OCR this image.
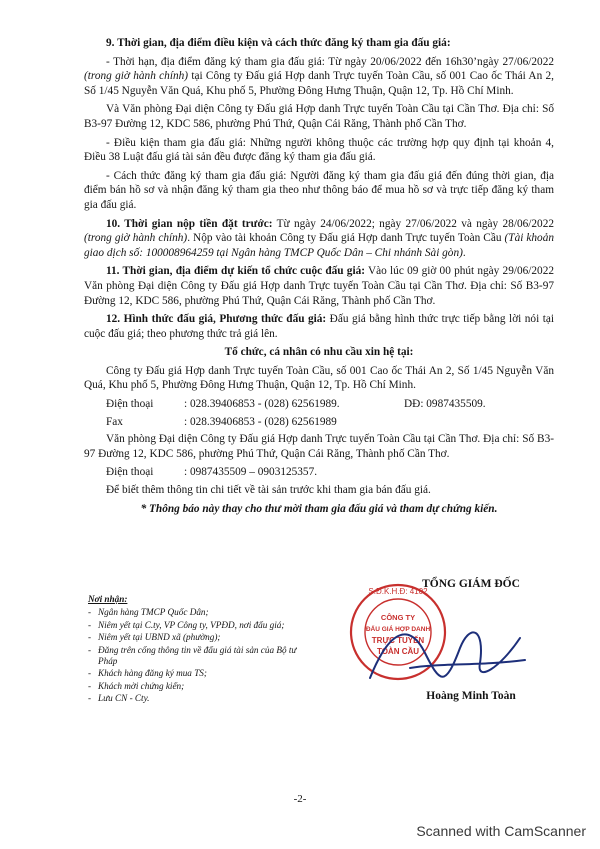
9. Thời gian, địa điểm điều kiện và cách thức đăng ký tham gia đấu giá:

- Thời hạn, địa điểm đăng ký tham gia đấu giá: Từ ngày 20/06/2022 đến 16h30’ngày 27/06/2022 (trong giờ hành chính) tại Công ty Đấu giá Hợp danh Trực tuyến Toàn Cầu, số 001 Cao ốc Thái An 2, Số 1/45 Nguyễn Văn Quá, Khu phố 5, Phường Đông Hưng Thuận, Quận 12, Tp. Hồ Chí Minh.

Và Văn phòng Đại diện Công ty Đấu giá Hợp danh Trực tuyến Toàn Cầu tại Cần Thơ. Địa chỉ: Số B3-97 Đường 12, KDC 586, phường Phú Thứ, Quận Cái Răng, Thành phố Cần Thơ.

- Điều kiện tham gia đấu giá: Những người không thuộc các trường hợp quy định tại khoản 4, Điều 38 Luật đấu giá tài sản đều được đăng ký tham gia đấu giá.

- Cách thức đăng ký tham gia đấu giá: Người đăng ký tham gia đấu giá đến đúng thời gian, địa điểm bán hồ sơ và nhận đăng ký tham gia theo như thông báo để mua hồ sơ và trực tiếp đăng ký tham gia đấu giá.

10. Thời gian nộp tiền đặt trước: Từ ngày 24/06/2022; ngày 27/06/2022 và ngày 28/06/2022 (trong giờ hành chính). Nộp vào tài khoản Công ty Đấu giá Hợp danh Trực tuyến Toàn Cầu (Tài khoản giao dịch số: 100008964259 tại Ngân hàng TMCP Quốc Dân – Chi nhánh Sài gòn).

11. Thời gian, địa điểm dự kiến tổ chức cuộc đấu giá: Vào lúc 09 giờ 00 phút ngày 29/06/2022 Văn phòng Đại diện Công ty Đấu giá Hợp danh Trực tuyến Toàn Cầu tại Cần Thơ. Địa chỉ: Số B3-97 Đường 12, KDC 586, phường Phú Thứ, Quận Cái Răng, Thành phố Cần Thơ.

12. Hình thức đấu giá, Phương thức đấu giá: Đấu giá bằng hình thức trực tiếp bằng lời nói tại cuộc đấu giá; theo phương thức trả giá lên.

Tổ chức, cá nhân có nhu cầu xin hệ tại:

Công ty Đấu giá Hợp danh Trực tuyến Toàn Cầu, số 001 Cao ốc Thái An 2, Số 1/45 Nguyễn Văn Quá, Khu phố 5, Phường Đông Hưng Thuận, Quận 12, Tp. Hồ Chí Minh.

Điện thoại	: 028.39406853 - (028) 62561989.	DĐ: 0987435509.
Fax	: 028.39406853 - (028) 62561989

Văn phòng Đại diện Công ty Đấu giá Hợp danh Trực tuyến Toàn Cầu tại Cần Thơ. Địa chỉ: Số B3-97 Đường 12, KDC 586, phường Phú Thứ, Quận Cái Răng, Thành phố Cần Thơ.

Điện thoại	: 0987435509 – 0903125357.

Để biết thêm thông tin chi tiết về tài sản trước khi tham gia bán đấu giá.

* Thông báo này thay cho thư mời tham gia đấu giá và tham dự chứng kiến.

Nơi nhận:
- Ngân hàng TMCP Quốc Dân;
- Niêm yết tại C.ty, VP Công ty, VPĐD, nơi đấu giá;
- Niêm yết tại UBND xã (phường);
- Đăng trên cổng thông tin về đấu giá tài sản của Bộ tư Pháp
- Khách hàng đăng ký mua TS;
- Khách mời chứng kiến;
- Lưu CN - Cty.
S.Đ.K.H.Đ: 4102
CÔNG TY
ĐẤU GIÁ HỢP DANH
TRỰC TUYẾN
TOÀN CẦU
TỔNG GIÁM ĐỐC
Hoàng Minh Toàn
-2-
Scanned with CamScanner
